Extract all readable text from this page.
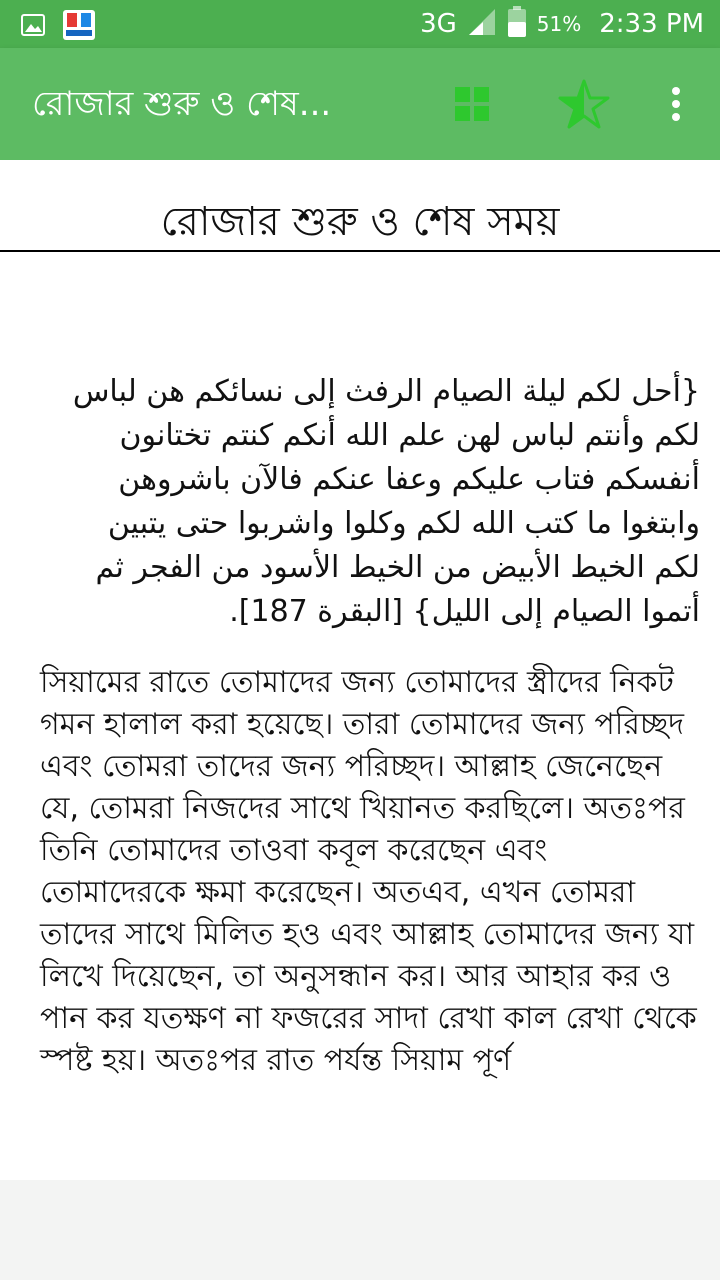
3G	51% 2:33 PM
রোজার শুরু ও শেষ...
রোজার শুরু ও শেষ সময়
{أحل لكم ليلة الصيام الرفث إلى نسائكم هن لباس لكم وأنتم لباس لهن علم الله أنكم كنتم تختانون أنفسكم فتاب عليكم وعفا عنكم فالآن باشروهن وابتغوا ما كتب الله لكم وكلوا واشربوا حتى يتبين لكم الخيط الأبيض من الخيط الأسود من الفجر ثم أتموا الصيام إلى الليل} [البقرة 187].
সিয়ামের রাতে তোমাদের জন্য তোমাদের স্ত্রীদের নিকট গমন হালাল করা হয়েছে। তারা তোমাদের জন্য পরিচ্ছদ এবং তোমরা তাদের জন্য পরিচ্ছদ। আল্লাহ জেনেছেন যে, তোমরা নিজদের সাথে খিয়ানত করছিলে। অতঃপর তিনি তোমাদের তাওবা কবূল করেছেন এবং তোমাদেরকে ক্ষমা করেছেন। অতএব, এখন তোমরা তাদের সাথে মিলিত হও এবং আল্লাহ তোমাদের জন্য যা লিখে দিয়েছেন, তা অনুসন্ধান কর। আর আহার কর ও পান কর যতক্ষণ না ফজরের সাদা রেখা কাল রেখা থেকে স্পষ্ট হয়। অতঃপর রাত পর্যন্ত সিয়াম পূর্ণ
